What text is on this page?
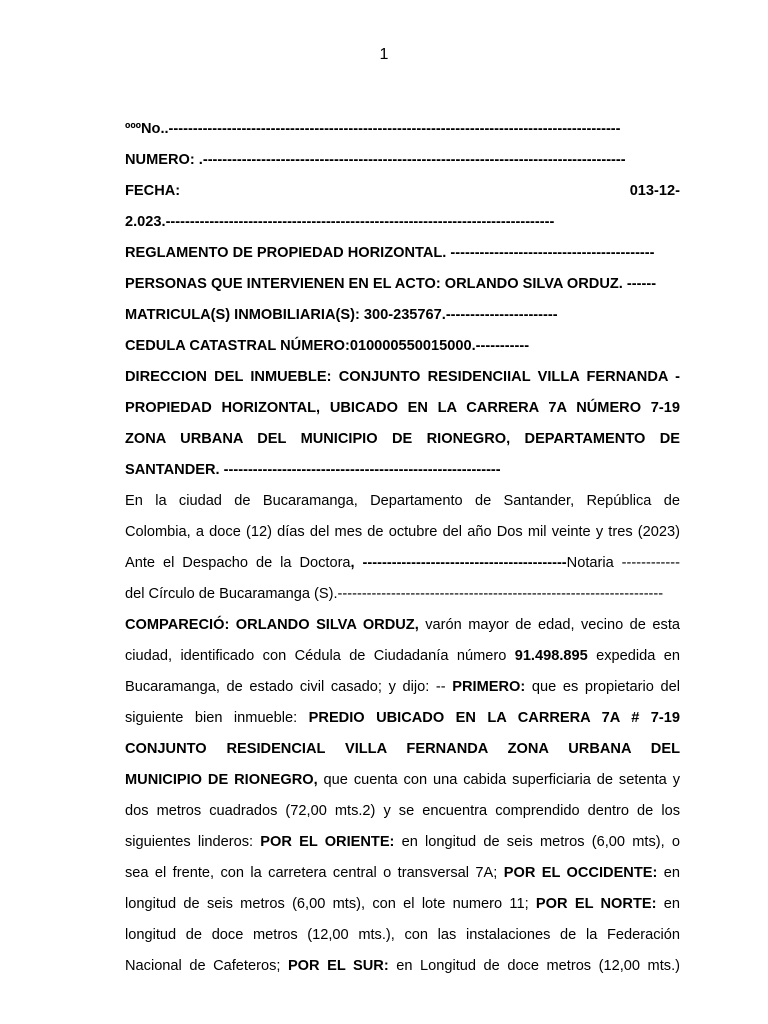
1
ºººNo..---------------------------------------------------------------------------------------------
NUMERO: .---------------------------------------------------------------------------------------
FECHA:	013-12-
2.023.--------------------------------------------------------------------------------
REGLAMENTO DE PROPIEDAD HORIZONTAL. ------------------------------------------
PERSONAS QUE INTERVIENEN EN EL ACTO: ORLANDO SILVA ORDUZ. ------
MATRICULA(S) INMOBILIARIA(S): 300-235767.-----------------------
CEDULA CATASTRAL NÚMERO:010000550015000.-----------
DIRECCION DEL INMUEBLE: CONJUNTO RESIDENCIIAL VILLA FERNANDA -
PROPIEDAD HORIZONTAL, UBICADO EN LA CARRERA 7A NÚMERO 7-19
ZONA URBANA DEL MUNICIPIO DE RIONEGRO, DEPARTAMENTO DE
SANTANDER. ---------------------------------------------------------
En la ciudad de Bucaramanga, Departamento de Santander, República de
Colombia, a doce (12) días del mes de octubre del año Dos mil veinte y tres (2023)
Ante el Despacho de la Doctora, ------------------------------------------Notaria ------------
del Círculo de Bucaramanga (S).-------------------------------------------------------------------
COMPARECIÓ: ORLANDO SILVA ORDUZ, varón mayor de edad, vecino de esta
ciudad, identificado con Cédula de Ciudadanía número 91.498.895 expedida en
Bucaramanga, de estado civil casado; y dijo: -- PRIMERO: que es propietario del
siguiente bien inmueble: PREDIO UBICADO EN LA CARRERA 7A # 7-19
CONJUNTO RESIDENCIAL VILLA FERNANDA ZONA URBANA DEL
MUNICIPIO DE RIONEGRO, que cuenta con una cabida superficiaria de setenta y
dos metros cuadrados (72,00 mts.2) y se encuentra comprendido dentro de los
siguientes linderos: POR EL ORIENTE: en longitud de seis metros (6,00 mts), o
sea el frente, con la carretera central o transversal 7A; POR EL OCCIDENTE: en
longitud de seis metros (6,00 mts), con el lote numero 11; POR EL NORTE: en
longitud de doce metros (12,00 mts.), con las instalaciones de la Federación
Nacional de Cafeteros; POR EL SUR: en Longitud de doce metros (12,00 mts.)
